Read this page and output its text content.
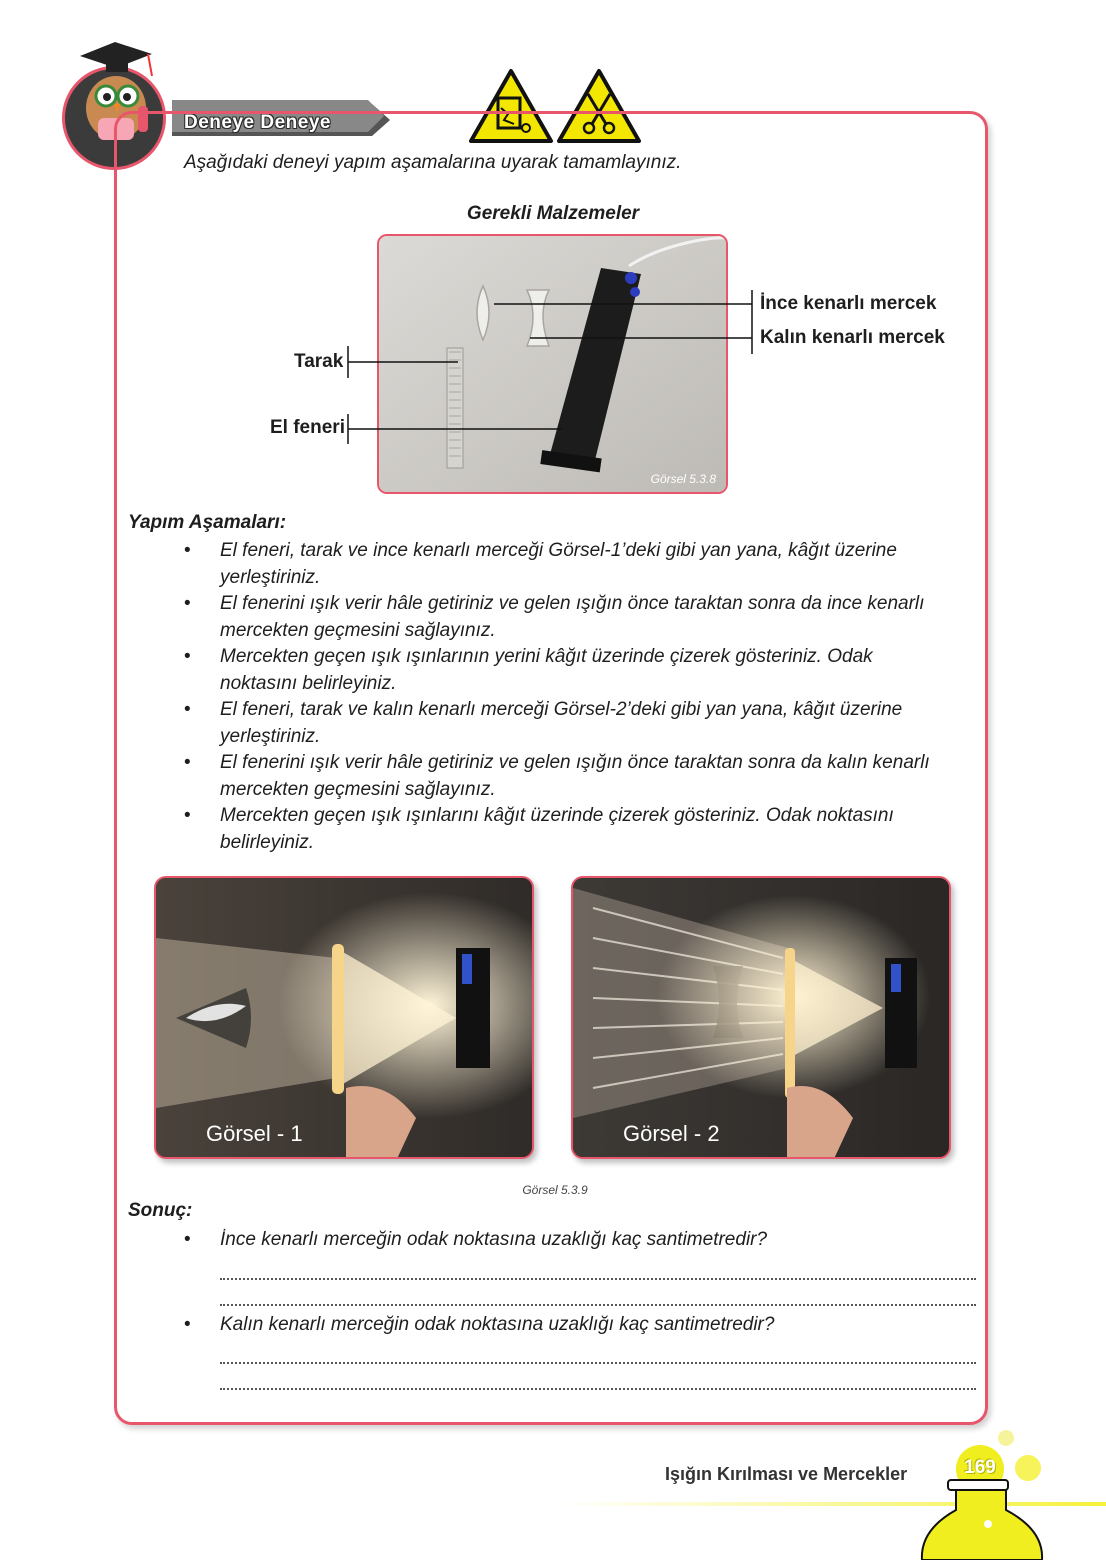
Deneye Deneye
Aşağıdaki deneyi yapım aşamalarına uyarak tamamlayınız.
Gerekli Malzemeler
Görsel 5.3.8
İnce kenarlı mercek
Kalın kenarlı mercek
Tarak
El feneri
Yapım Aşamaları:
• El feneri, tarak ve ince kenarlı merceği Görsel-1’deki gibi yan yana, kâğıt üzerine yerleştiriniz.
• El fenerini ışık verir hâle getiriniz ve gelen ışığın önce taraktan sonra da ince kenarlı mercekten geçmesini sağlayınız.
• Mercekten geçen ışık ışınlarının yerini kâğıt üzerinde çizerek gösteriniz. Odak noktasını belirleyiniz.
• El feneri, tarak ve kalın kenarlı merceği Görsel-2’deki gibi yan yana, kâğıt üzerine yerleştiriniz.
• El fenerini ışık verir hâle getiriniz ve gelen ışığın önce taraktan sonra da kalın kenarlı mercekten geçmesini sağlayınız.
• Mercekten geçen ışık ışınlarını kâğıt üzerinde çizerek gösteriniz. Odak noktasını belirleyiniz.
Görsel - 1	Görsel - 2
Görsel 5.3.9
Sonuç:
• İnce kenarlı merceğin odak noktasına uzaklığı kaç santimetredir?
• Kalın kenarlı merceğin odak noktasına uzaklığı kaç santimetredir?
Işığın Kırılması ve Mercekler	169
